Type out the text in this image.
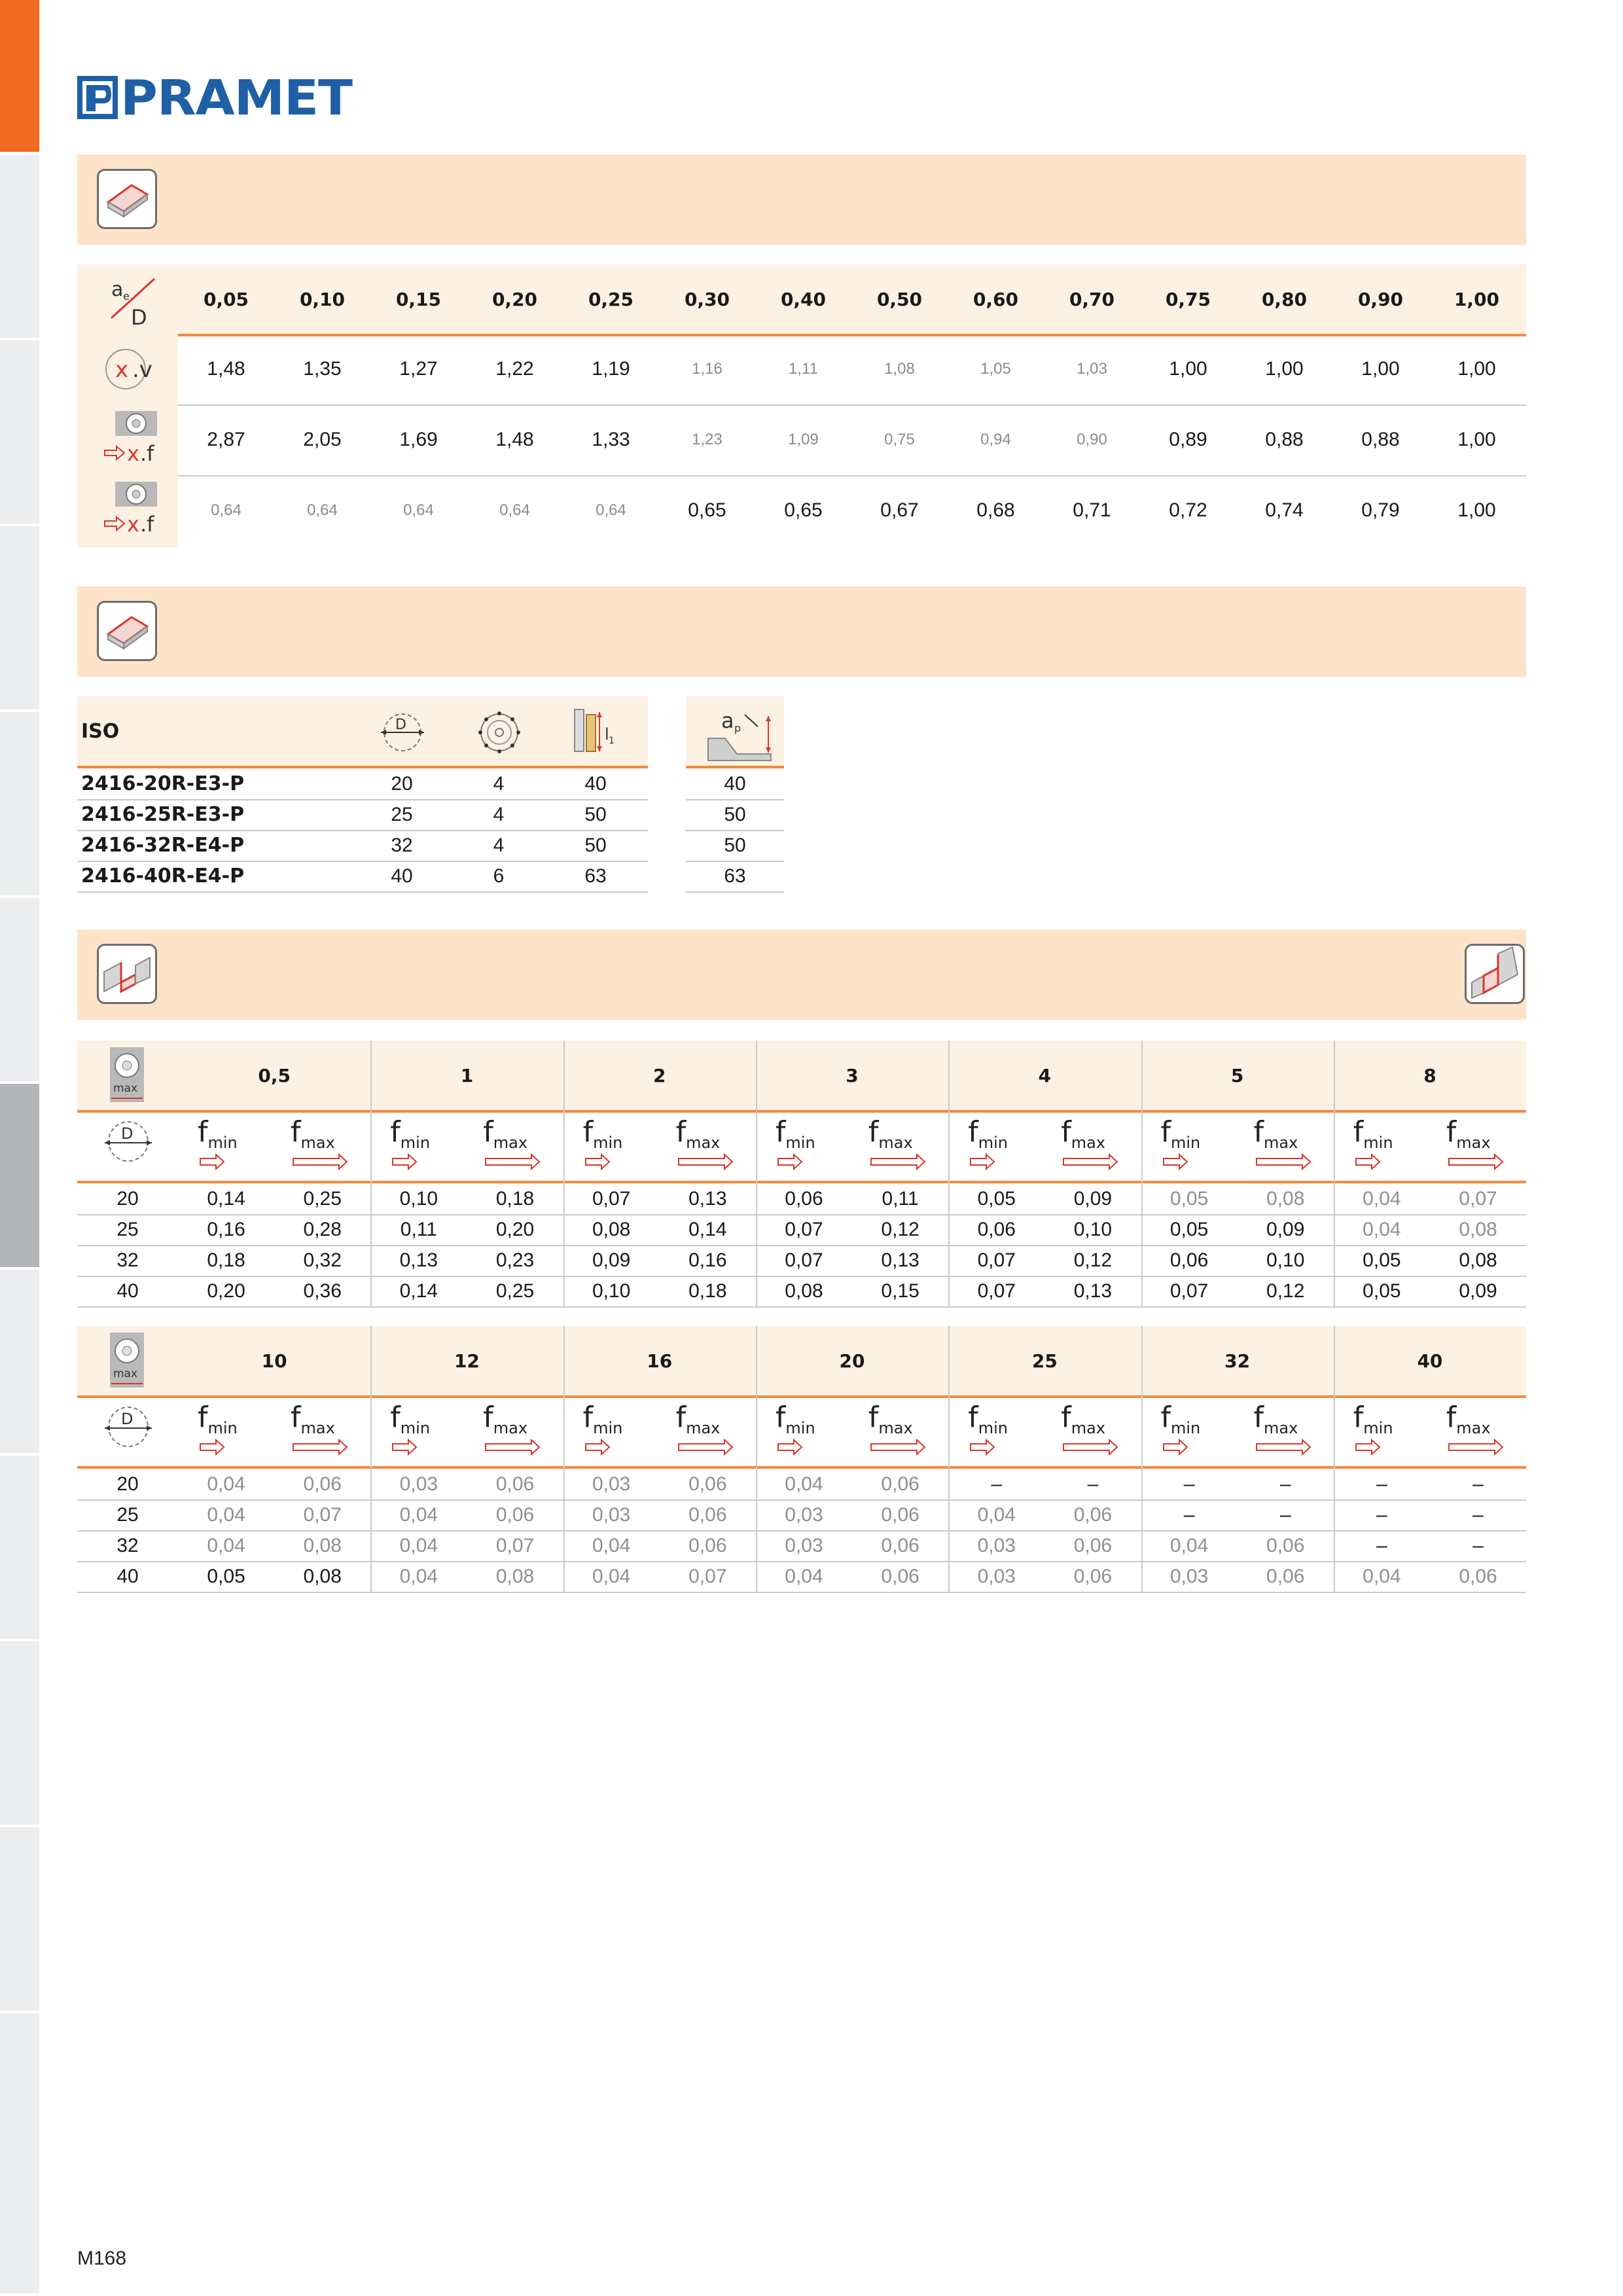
PRAMET
a e
D
0,05	0,10	0,15	0,20	0,25	0,30	0,40	0,50	0,60	0,70	0,75	0,80	0,90	1,00
x .v
x .f
x .f
1,48	1,35	1,27	1,22	1,19	1,16	1,11	1,08	1,05	1,03	1,00	1,00	1,00	1,00
2,87	2,05	1,69	1,48	1,33	1,23	1,09	0,75	0,94	0,90	0,89	0,88	0,88	1,00
0,64	0,64	0,64	0,64	0,64	0,65	0,65	0,67	0,68	0,71	0,72	0,74	0,79	1,00
ISO	D
l 1
a p
2416-20R-E3-P	20	4	40	40
2416-25R-E3-P	25	4	50	50
2416-32R-E4-P	32	4	50	50
2416-40R-E4-P	40	6	63	63
max
D
0,5
$f_{min}$ $f_{max}$
1
$f_{min}$ $f_{max}$
2
$f_{min}$ $f_{max}$
3
$f_{min}$ $f_{max}$
4
$f_{min}$ $f_{max}$
5
$f_{min}$ $f_{max}$
8
$f_{min}$ $f_{max}$
20	0,14	0,25	0,10	0,18	0,07	0,13	0,06	0,11	0,05	0,09	0,05	0,08	0,04	0,07
25	0,16	0,28	0,11	0,20	0,08	0,14	0,07	0,12	0,06	0,10	0,05	0,09	0,04	0,08
32	0,18	0,32	0,13	0,23	0,09	0,16	0,07	0,13	0,07	0,12	0,06	0,10	0,05	0,08
40	0,20	0,36	0,14	0,25	0,10	0,18	0,08	0,15	0,07	0,13	0,07	0,12	0,05	0,09
max
D
10
$f_{min}$ $f_{max}$
12
$f_{min}$ $f_{max}$
16
$f_{min}$ $f_{max}$
20
$f_{min}$ $f_{max}$
25
$f_{min}$ $f_{max}$
32
$f_{min}$ $f_{max}$
40
$f_{min}$ $f_{max}$
20	0,04	0,06	0,03	0,06	0,03	0,06	0,04	0,06	–	–	–	–	–	–
25	0,04	0,07	0,04	0,06	0,03	0,06	0,03	0,06	0,04	0,06	–	–	–	–
32	0,04	0,08	0,04	0,07	0,04	0,06	0,03	0,06	0,03	0,06	0,04	0,06	–	–
40	0,05	0,08	0,04	0,08	0,04	0,07	0,04	0,06	0,03	0,06	0,03	0,06	0,04	0,06
M168
